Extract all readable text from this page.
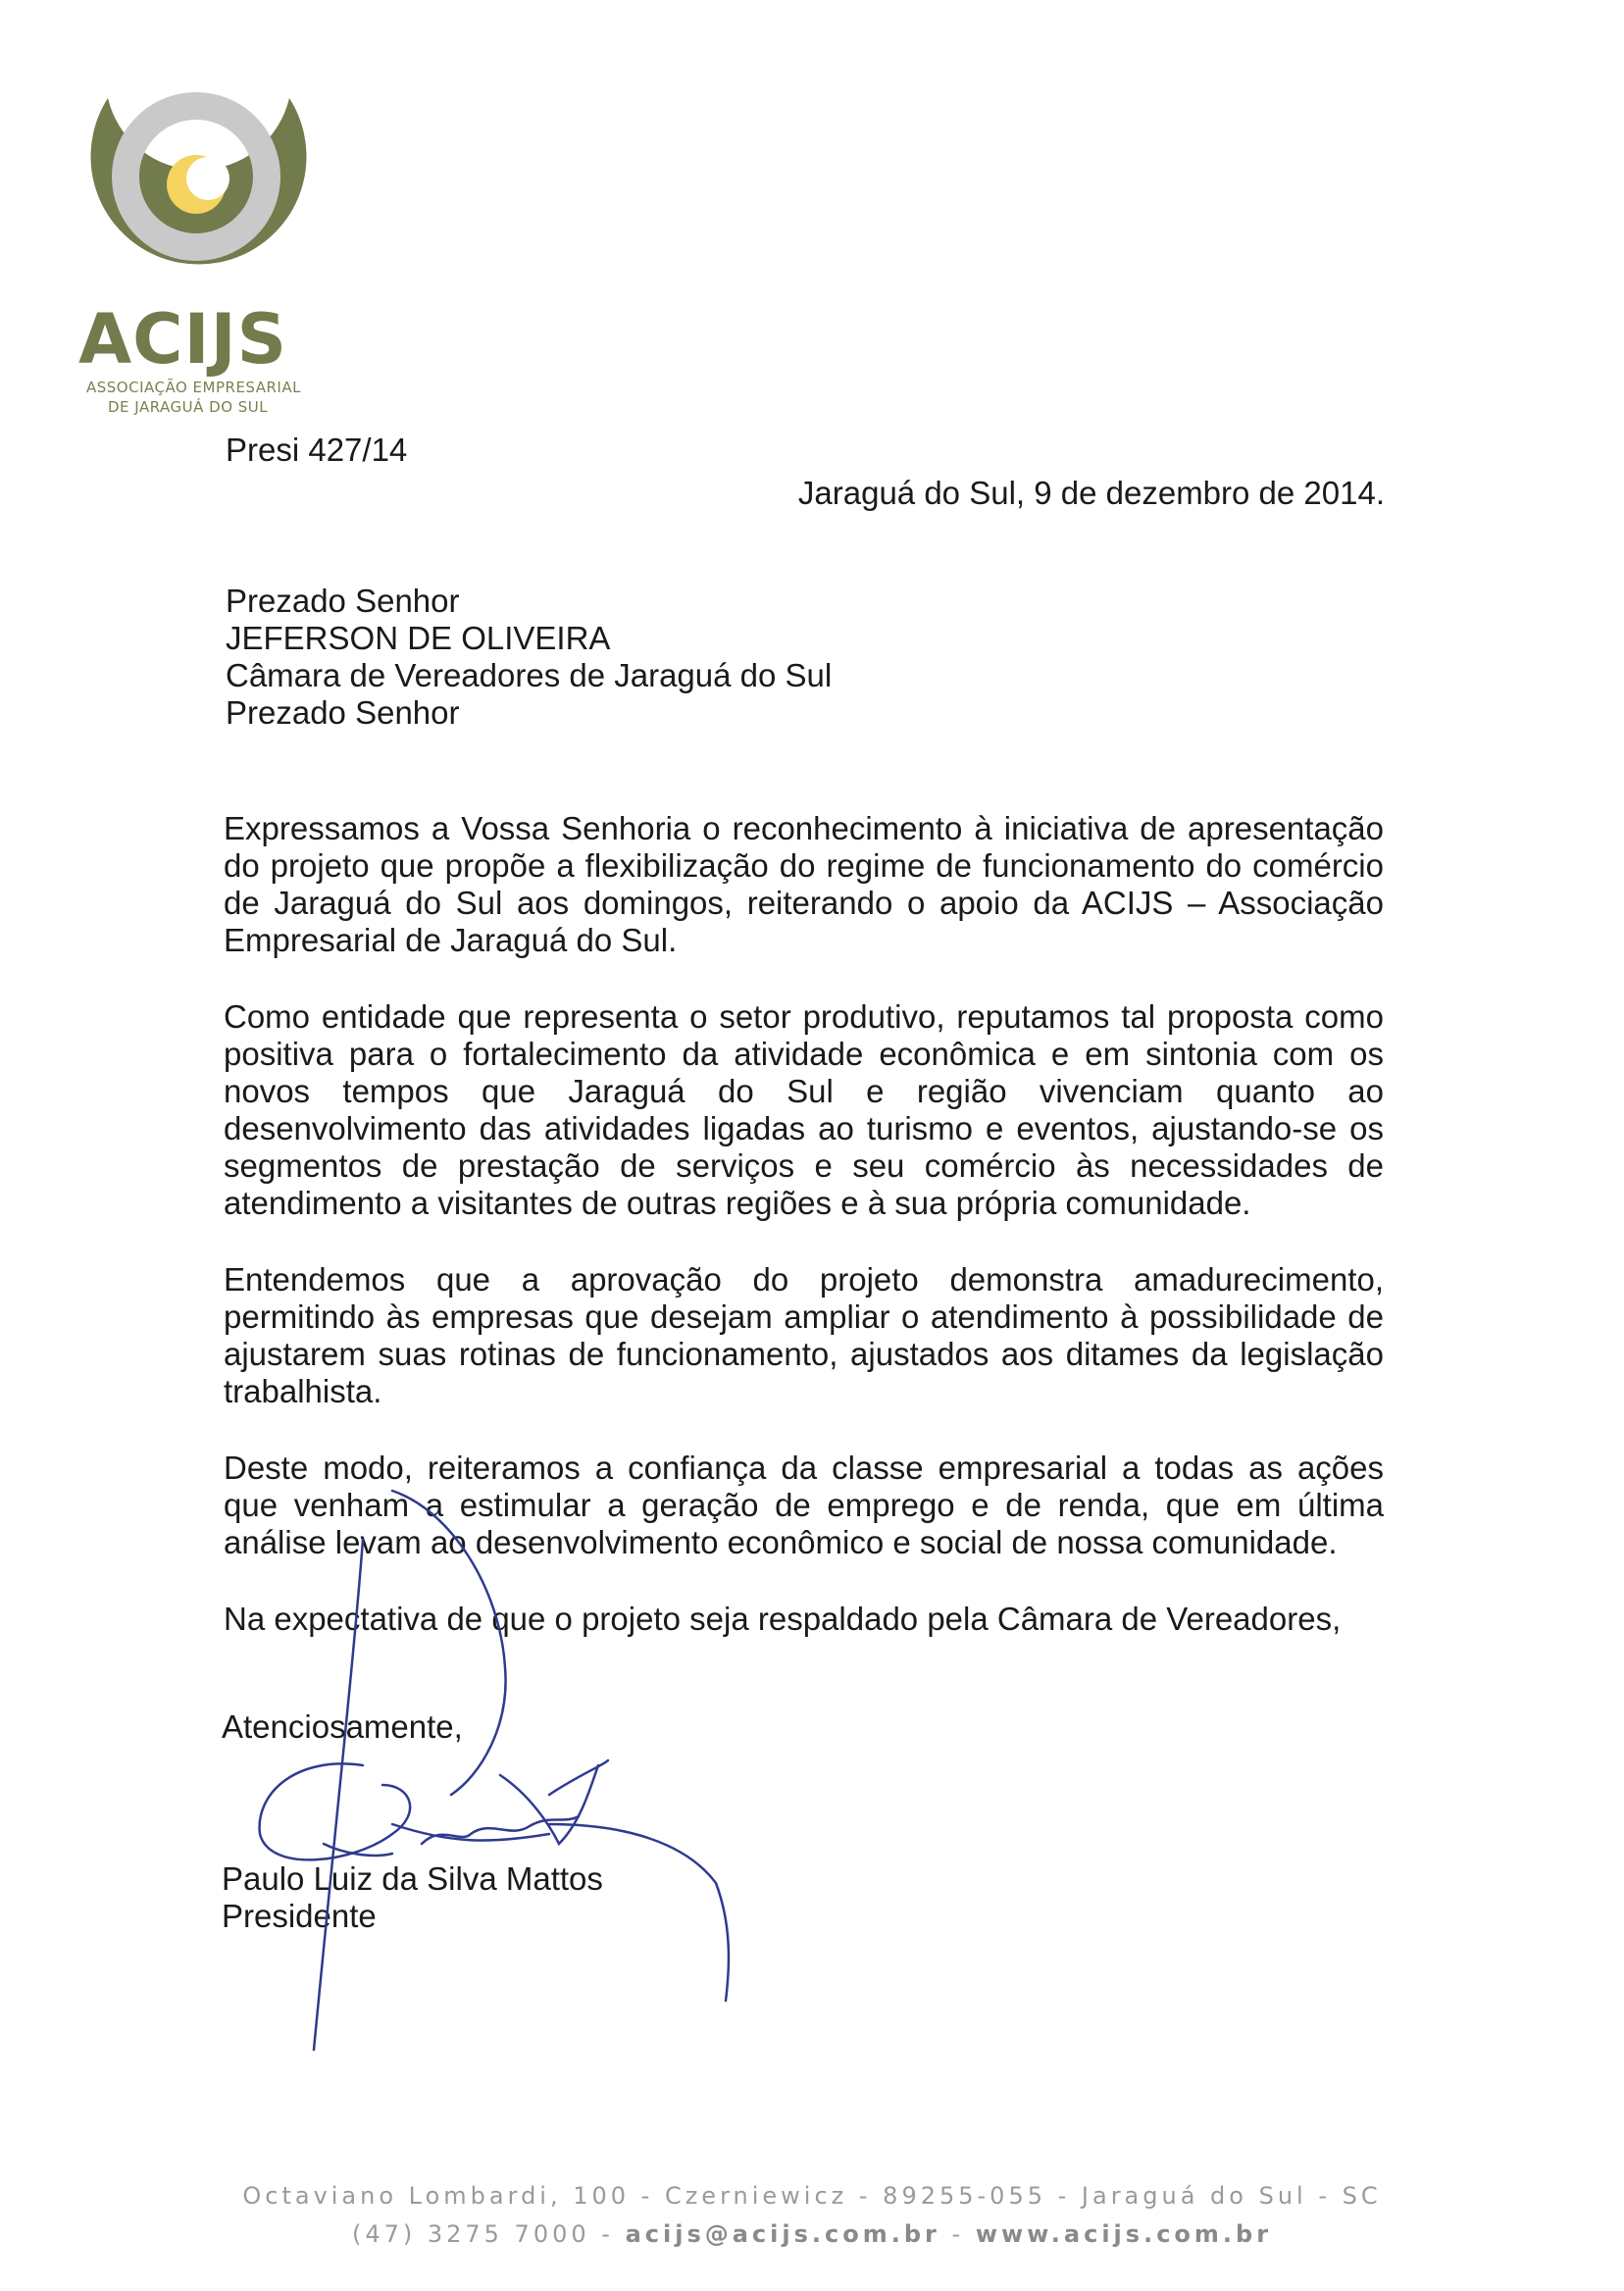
ACIJS
ASSOCIAÇÃO EMPRESARIAL
DE JARAGUÁ DO SUL
Presi 427/14
Jaraguá do Sul, 9 de dezembro de 2014.
Prezado Senhor
JEFERSON DE OLIVEIRA
Câmara de Vereadores de Jaraguá do Sul
Prezado Senhor

Expressamos a Vossa Senhoria o reconhecimento à iniciativa de apresentação do projeto que propõe a flexibilização do regime de funcionamento do comércio de Jaraguá do Sul aos domingos, reiterando o apoio da ACIJS – Associação Empresarial de Jaraguá do Sul.

Como entidade que representa o setor produtivo, reputamos tal proposta como positiva para o fortalecimento da atividade econômica e em sintonia com os novos tempos que Jaraguá do Sul e região vivenciam quanto ao desenvolvimento das atividades ligadas ao turismo e eventos, ajustando-se os segmentos de prestação de serviços e seu comércio às necessidades de atendimento a visitantes de outras regiões e à sua própria comunidade.

Entendemos que a aprovação do projeto demonstra amadurecimento, permitindo às empresas que desejam ampliar o atendimento à possibilidade de ajustarem suas rotinas de funcionamento, ajustados aos ditames da legislação trabalhista.

Deste modo, reiteramos a confiança da classe empresarial a todas as ações que venham a estimular a geração de emprego e de renda, que em última análise levam ao desenvolvimento econômico e social de nossa comunidade.

Na expectativa de que o projeto seja respaldado pela Câmara de Vereadores,

Atenciosamente,
Paulo Luiz da Silva Mattos
Presidente
Octaviano Lombardi, 100 - Czerniewicz - 89255-055 - Jaraguá do Sul - SC
(47) 3275 7000 - acijs@acijs.com.br - www.acijs.com.br
